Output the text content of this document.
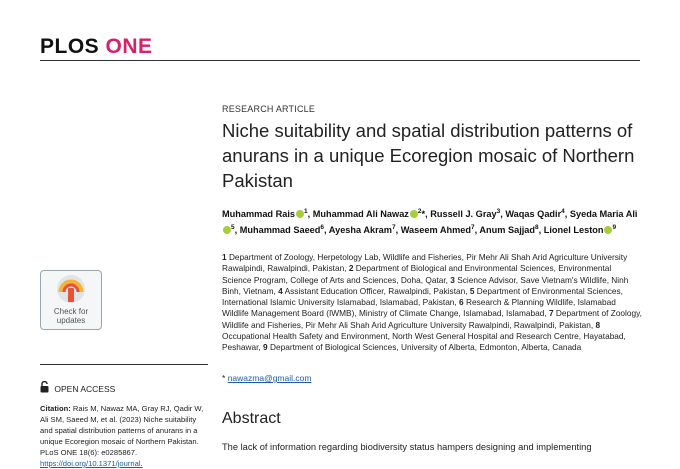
PLOS ONE
RESEARCH ARTICLE
Niche suitability and spatial distribution patterns of anurans in a unique Ecoregion mosaic of Northern Pakistan
Muhammad Rais $^1$, Muhammad Ali Nawaz $^2$*, Russell J. Gray$^3$, Waqas Qadir$^4$, Syeda Maria Ali$^5$, Muhammad Saeed$^6$, Ayesha Akram$^7$, Waseem Ahmed$^7$, Anum Sajjad$^8$, Lionel Leston $^9$
1 Department of Zoology, Herpetology Lab, Wildlife and Fisheries, Pir Mehr Ali Shah Arid Agriculture University Rawalpindi, Rawalpindi, Pakistan, 2 Department of Biological and Environmental Sciences, Environmental Science Program, College of Arts and Sciences, Doha, Qatar, 3 Science Advisor, Save Vietnam's Wildlife, Ninh Binh, Vietnam, 4 Assistant Education Officer, Rawalpindi, Pakistan, 5 Department of Environmental Sciences, International Islamic University Islamabad, Islamabad, Pakistan, 6 Research & Planning Wildlife, Islamabad Wildlife Management Board (IWMB), Ministry of Climate Change, Islamabad, Islamabad, 7 Department of Zoology, Wildlife and Fisheries, Pir Mehr Ali Shah Arid Agriculture University Rawalpindi, Rawalpindi, Pakistan, 8 Occupational Health Safety and Environment, North West General Hospital and Research Centre, Hayatabad, Peshawar, 9 Department of Biological Sciences, University of Alberta, Edmonton, Alberta, Canada
* nawazma@gmail.com
Abstract
The lack of information regarding biodiversity status hampers designing and implementing
Check for
updates
OPEN ACCESS
Citation: Rais M, Nawaz MA, Gray RJ, Qadir W, Ali SM, Saeed M, et al. (2023) Niche suitability and spatial distribution patterns of anurans in a unique Ecoregion mosaic of Northern Pakistan. PLoS ONE 18(6): e0285867. https://doi.org/10.1371/journal.
